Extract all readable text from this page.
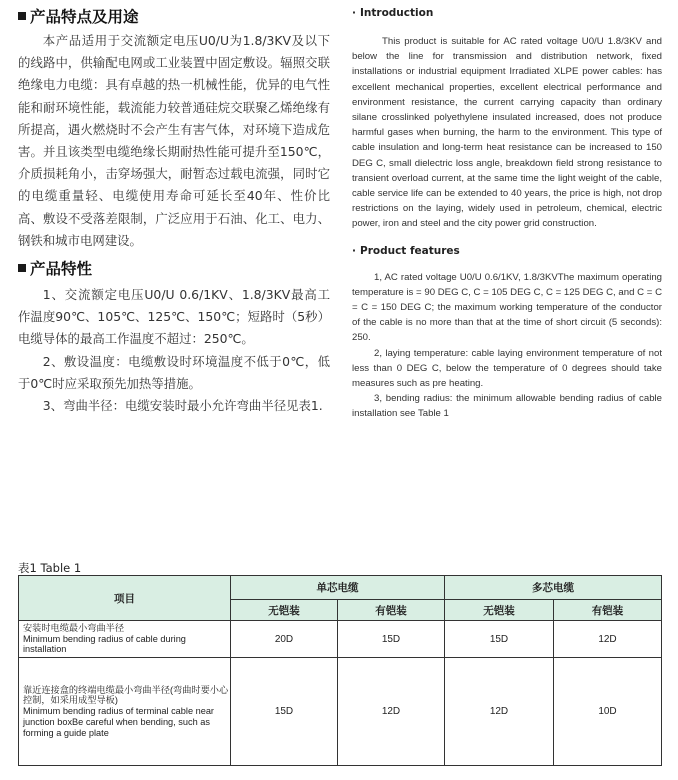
产品特点及用途

本产品适用于交流额定电压U0/U为1.8/3KV及以下的线路中，供输配电网或工业装置中固定敷设。辐照交联绝缘电力电缆：具有卓越的热一机械性能，优异的电气性能和耐环境性能，载流能力较普通硅烷交联聚乙烯绝缘有所提高，遇火燃烧时不会产生有害气体，对环境下造成危害。并且该类型电缆绝缘长期耐热性能可提升至150℃，介质损耗角小，击穿场强大，耐暂态过载电流强，同时它的电缆重量轻、电缆使用寿命可延长至40年、性价比高、敷设不受落差限制，广泛应用于石油、化工、电力、钢铁和城市电网建设。

产品特性

1、交流额定电压U0/U 0.6/1KV、1.8/3KV最高工作温度90℃、105℃、125℃、150℃；短路时（5秒）电缆导体的最高工作温度不超过：250℃。

2、敷设温度：电缆敷设时环境温度不低于0℃，低于0℃时应采取预先加热等措施。

3、弯曲半径：电缆安装时最小允许弯曲半径见表1.

· Introduction

This product is suitable for AC rated voltage U0/U 1.8/3KV and below the line for transmission and distribution network, fixed installations or industrial equipment Irradiated XLPE power cables: has excellent mechanical properties, excellent electrical performance and environment resistance, the current carrying capacity than ordinary silane crosslinked polyethylene insulated increased, does not produce harmful gases when burning, the harm to the environment. This type of cable insulation and long-term heat resistance can be increased to 150 DEG C, small dielectric loss angle, breakdown field strong resistance to transient overload current, at the same time the light weight of the cable, cable service life can be extended to 40 years, the price is high, not drop restrictions on the laying, widely used in petroleum, chemical, electric power, iron and steel and the city power grid construction.

· Product features

1, AC rated voltage U0/U 0.6/1KV, 1.8/3KVThe maximum operating temperature is = 90 DEG C, C = 105 DEG C, C = 125 DEG C, and C = C = C = 150 DEG C; the maximum working temperature of the conductor of the cable is no more than that at the time of short circuit (5 seconds): 250.

2, laying temperature: cable laying environment temperature of not less than 0 DEG C, below the temperature of 0 degrees should take measures such as pre heating.

3, bending radius: the minimum allowable bending radius of cable installation see Table 1

表1 Table 1
项目	单芯电缆		多芯电缆	
	无铠装	有铠装	无铠装	有铠装

安装时电缆最小弯曲半径
Minimum bending radius of cable during installation	20D	15D	15D	12D

靠近连接盒的终端电缆最小弯曲半径(弯曲时要小心控制，如采用成型导板)
Minimum bending radius of terminal cable near junction boxBe careful when bending, such as forming a guide plate	15D	12D	12D	10D
